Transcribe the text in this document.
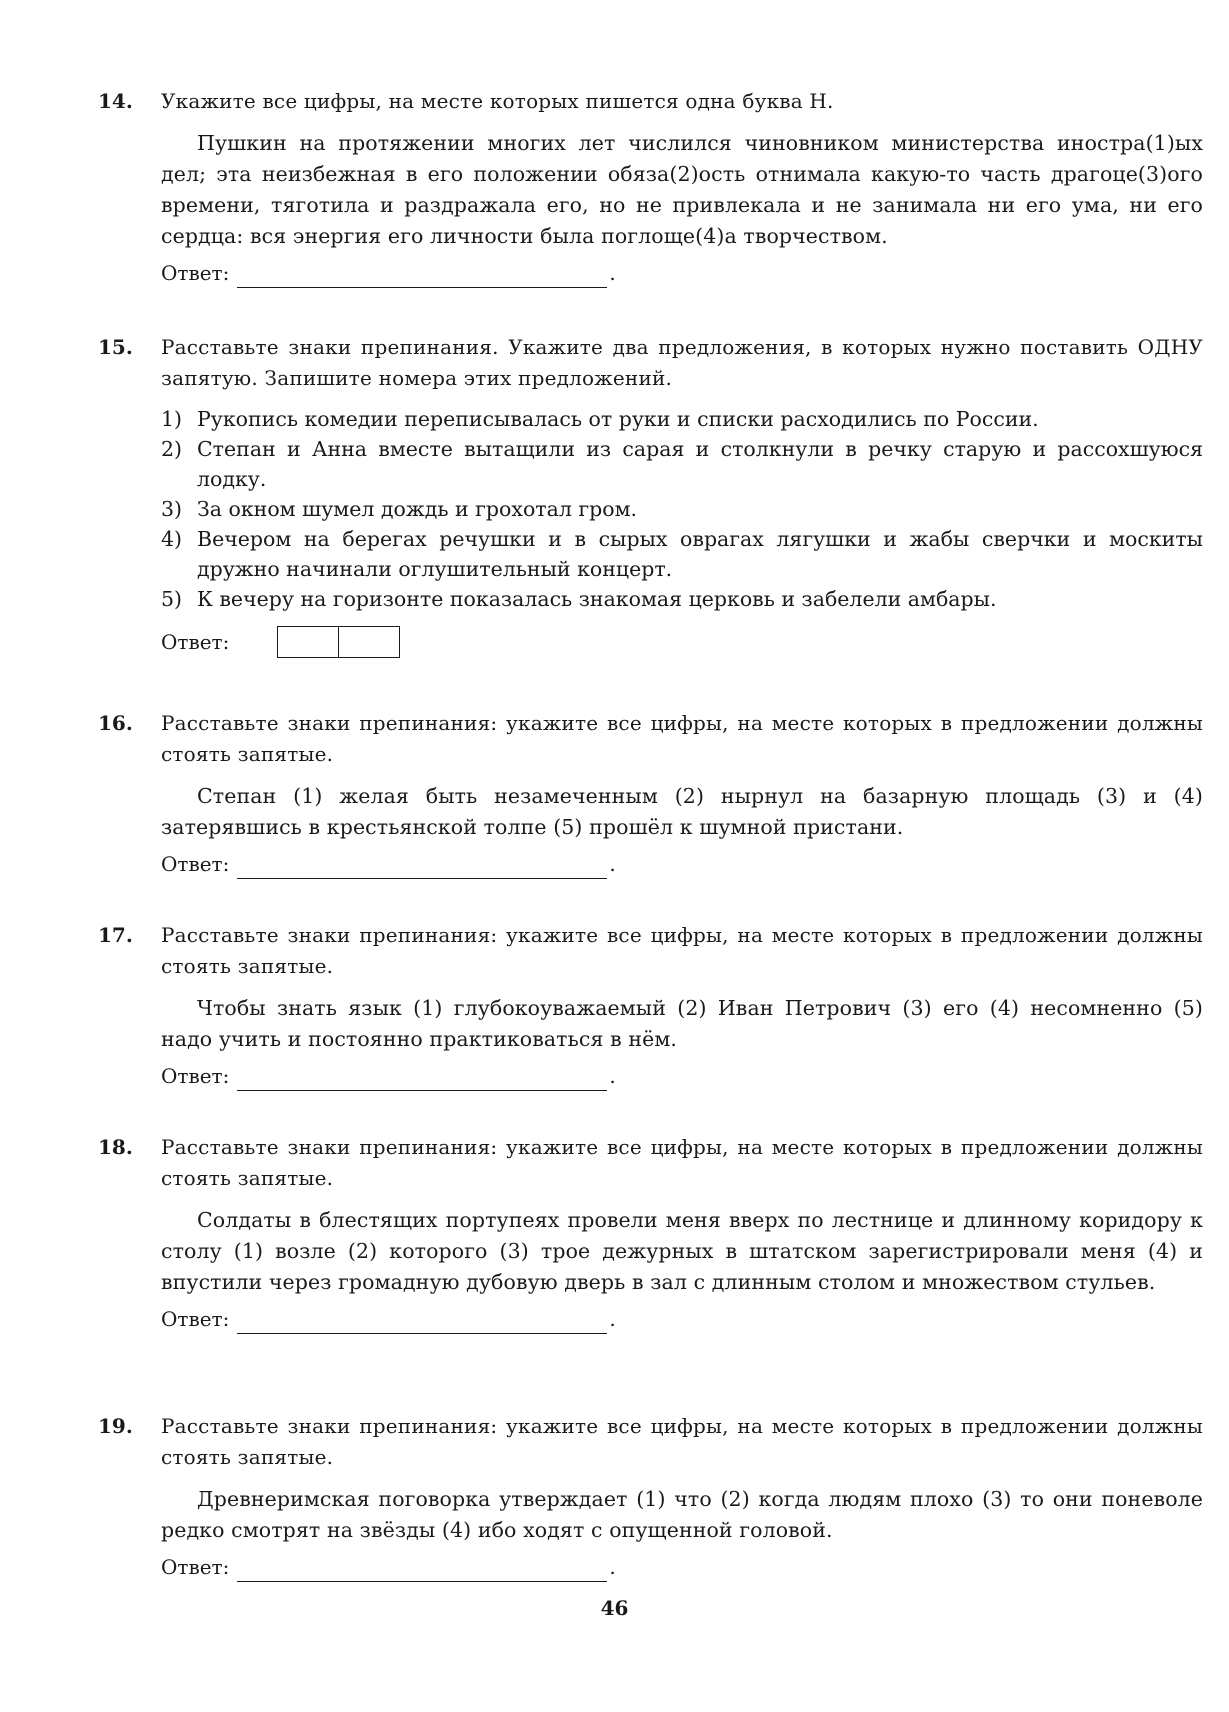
14. Укажите все цифры, на месте которых пишется одна буква Н.
Пушкин на протяжении многих лет числился чиновником министерства иностра(1)ых дел; эта неизбежная в его положении обяза(2)ость отнимала какую-то часть драгоце(3)ого времени, тяготила и раздражала его, но не привлекала и не занимала ни его ума, ни его сердца: вся энергия его личности была поглоще(4)а творчеством.
Ответ:	.
15. Расставьте знаки препинания. Укажите два предложения, в которых нужно поставить ОДНУ запятую. Запишите номера этих предложений.
1) Рукопись комедии переписывалась от руки и списки расходились по России.
2) Степан и Анна вместе вытащили из сарая и столкнули в речку старую и рассохшуюся лодку.
3) За окном шумел дождь и грохотал гром.
4) Вечером на берегах речушки и в сырых оврагах лягушки и жабы сверчки и москиты дружно начинали оглушительный концерт.
5) К вечеру на горизонте показалась знакомая церковь и забелели амбары.
Ответ:
16. Расставьте знаки препинания: укажите все цифры, на месте которых в предложении должны стоять запятые.
Степан (1) желая быть незамеченным (2) нырнул на базарную площадь (3) и (4) затерявшись в крестьянской толпе (5) прошёл к шумной пристани.
Ответ:	.
17. Расставьте знаки препинания: укажите все цифры, на месте которых в предложении должны стоять запятые.
Чтобы знать язык (1) глубокоуважаемый (2) Иван Петрович (3) его (4) несомненно (5) надо учить и постоянно практиковаться в нём.
Ответ:	.
18. Расставьте знаки препинания: укажите все цифры, на месте которых в предложении должны стоять запятые.
Солдаты в блестящих портупеях провели меня вверх по лестнице и длинному коридору к столу (1) возле (2) которого (3) трое дежурных в штатском зарегистрировали меня (4) и впустили через громадную дубовую дверь в зал с длинным столом и множеством стульев.
Ответ:	.
19. Расставьте знаки препинания: укажите все цифры, на месте которых в предложении должны стоять запятые.
Древнеримская поговорка утверждает (1) что (2) когда людям плохо (3) то они поневоле редко смотрят на звёзды (4) ибо ходят с опущенной головой.
Ответ:	.
46
